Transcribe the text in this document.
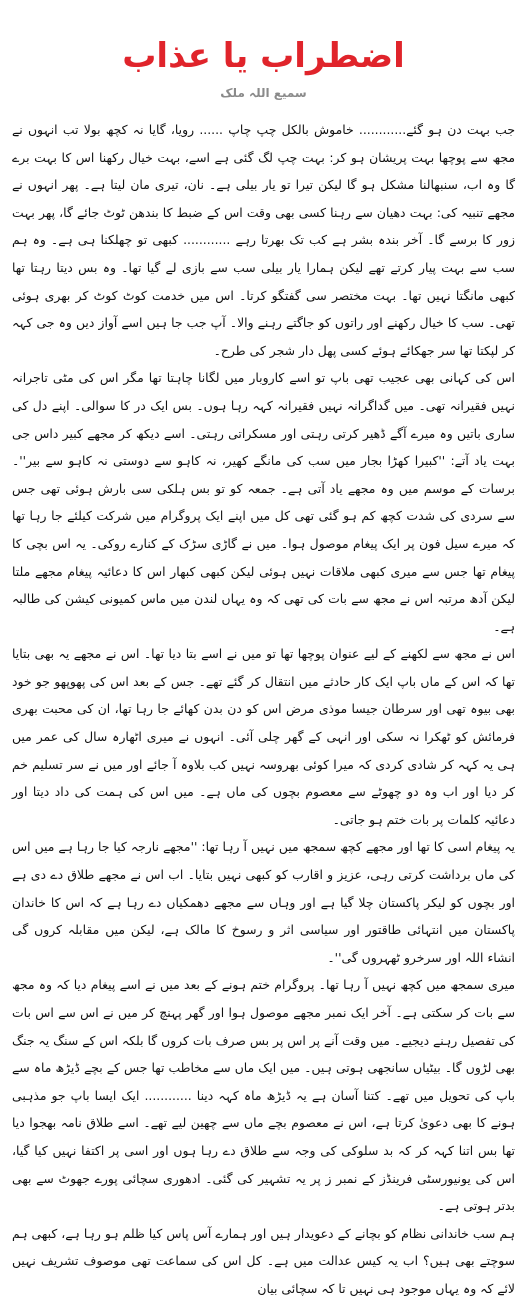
اضطراب یا عذاب
سمیع اللہ ملک

جب بہت دن ہو گئے............ خاموش بالکل چپ چاپ ...... رویا، گایا نہ کچھ بولا تب انہوں نے مجھ سے پوچھا بہت پریشان ہو کر: بہت چپ لگ گئی ہے اسے، بہت خیال رکھنا اس کا بہت برے گا وہ اب، سنبھالنا مشکل ہو گا لیکن تیرا تو یار بیلی ہے۔ نان، تیری مان لیتا ہے۔ پھر انہوں نے مجھے تنبیہ کی: بہت دھیان سے رہنا کسی بھی وقت اس کے ضبط کا بندھن ٹوٹ جائے گا، پھر بہت زور کا برسے گا۔ آخر بندہ بشر ہے کب تک بھرتا رہے ............ کبھی تو چھلکنا ہی ہے۔ وہ ہم سب سے بہت پیار کرتے تھے لیکن ہمارا یار بیلی سب سے بازی لے گیا تھا۔ وہ بس دیتا رہتا تھا کبھی مانگتا نہیں تھا۔ بہت مختصر سی گفتگو کرتا۔ اس میں خدمت کوٹ کوٹ کر بھری ہوئی تھی۔ سب کا خیال رکھنے اور راتوں کو جاگتے رہنے والا۔ آپ جب جا ہیں اسے آواز دیں وہ جی کہہ کر لپکتا تھا سر جھکائے ہوئے کسی پھل دار شجر کی طرح۔

اس کی کہانی بھی عجیب تھی باپ تو اسے کاروبار میں لگانا چاہتا تھا مگر اس کی مٹی تاجرانہ نہیں فقیرانہ تھی۔ میں گداگرانہ نہیں فقیرانہ کہہ رہا ہوں۔ بس ایک در کا سوالی۔ اپنے دل کی ساری باتیں وہ میرے آگے ڈھیر کرتی رہتی اور مسکراتی رہتی۔ اسے دیکھ کر مجھے کبیر داس جی بہت یاد آتے: ''کبیرا کھڑا بجار میں سب کی مانگے کھیر، نہ کاہو سے دوستی نہ کاہو سے بیر''۔ برسات کے موسم میں وہ مجھے یاد آتی ہے۔ جمعہ کو تو بس ہلکی سی بارش ہوئی تھی جس سے سردی کی شدت کچھ کم ہو گئی تھی کل میں اپنے ایک پروگرام میں شرکت کیلئے جا رہا تھا کہ میرے سیل فون پر ایک پیغام موصول ہوا۔ میں نے گاڑی سڑک کے کنارے روکی۔ یہ اس بچی کا پیغام تھا جس سے میری کبھی ملاقات نہیں ہوئی لیکن کبھی کبھار اس کا دعائیہ پیغام مجھے ملتا لیکن آدھ مرتبہ اس نے مجھ سے بات کی تھی کہ وہ یہاں لندن میں ماس کمیونی کیشن کی طالبہ ہے۔

اس نے مجھ سے لکھنے کے لیے عنوان پوچھا تھا تو میں نے اسے بتا دیا تھا۔ اس نے مجھے یہ بھی بتایا تھا کہ اس کے ماں باپ ایک کار حادثے میں انتقال کر گئے تھے۔ جس کے بعد اس کی پھوپھو جو خود بھی بیوہ تھی اور سرطان جیسا موذی مرض اس کو دن بدن کھائے جا رہا تھا، ان کی محبت بھری فرمائش کو ٹھکرا نہ سکی اور انہی کے گھر چلی آئی۔ انہوں نے میری اٹھارہ سال کی عمر میں ہی یہ کہہ کر شادی کردی کہ میرا کوئی بھروسہ نہیں کب بلاوہ آ جائے اور میں نے سر تسلیم خم کر دیا اور اب وہ دو چھوٹے سے معصوم بچوں کی ماں ہے۔ میں اس کی ہمت کی داد دیتا اور دعائیہ کلمات پر بات ختم ہو جاتی۔

یہ پیغام اسی کا تھا اور مجھے کچھ سمجھ میں نہیں آ رہا تھا: ''مجھے نارجہ کیا جا رہا ہے میں اس کی ماں برداشت کرتی رہی، عزیز و اقارب کو کبھی نہیں بتایا۔ اب اس نے مجھے طلاق دے دی ہے اور بچوں کو لیکر پاکستان چلا گیا ہے اور وہاں سے مجھے دھمکیاں دے رہا ہے کہ اس کا خاندان پاکستان میں انتہائی طاقتور اور سیاسی اثر و رسوخ کا مالک ہے، لیکن میں مقابلہ کروں گی انشاء اللہ اور سرخرو ٹھہروں گی''۔

میری سمجھ میں کچھ نہیں آ رہا تھا۔ پروگرام ختم ہونے کے بعد میں نے اسے پیغام دیا کہ وہ مجھ سے بات کر سکتی ہے۔ آخر ایک نمبر مجھے موصول ہوا اور گھر پہنچ کر میں نے اس سے اس بات کی تفصیل رہنے دیجیے۔ میں وقت آنے پر اس پر بس صرف بات کروں گا بلکہ اس کے سنگ یہ جنگ بھی لڑوں گا۔ بیٹیاں سانجھی ہوتی ہیں۔ میں ایک ماں سے مخاطب تھا جس کے بچے ڈیڑھ ماہ سے باپ کی تحویل میں تھے۔ کتنا آسان ہے یہ ڈیڑھ ماہ کہہ دینا ............ ایک ایسا باپ جو مذہبی ہونے کا بھی دعویٰ کرتا ہے، اس نے معصوم بچے ماں سے چھین لیے تھے۔ اسے طلاق نامہ بھجوا دیا تھا بس اتنا کہہ کر کہ بد سلوکی کی وجہ سے طلاق دے رہا ہوں اور اسی پر اکتفا نہیں کیا گیا، اس کی یونیورسٹی فرینڈز کے نمبر ز پر یہ تشہیر کی گئی۔ ادھوری سچائی پورے جھوٹ سے بھی بدتر ہوتی ہے۔

ہم سب خاندانی نظام کو بچانے کے دعویدار ہیں اور ہمارے آس پاس کیا ظلم ہو رہا ہے، کبھی ہم سوچتے بھی ہیں؟ اب یہ کیس عدالت میں ہے۔ کل اس کی سماعت تھی موصوف تشریف نہیں لائے کہ وہ یہاں موجود ہی نہیں تا کہ سچائی بیان
